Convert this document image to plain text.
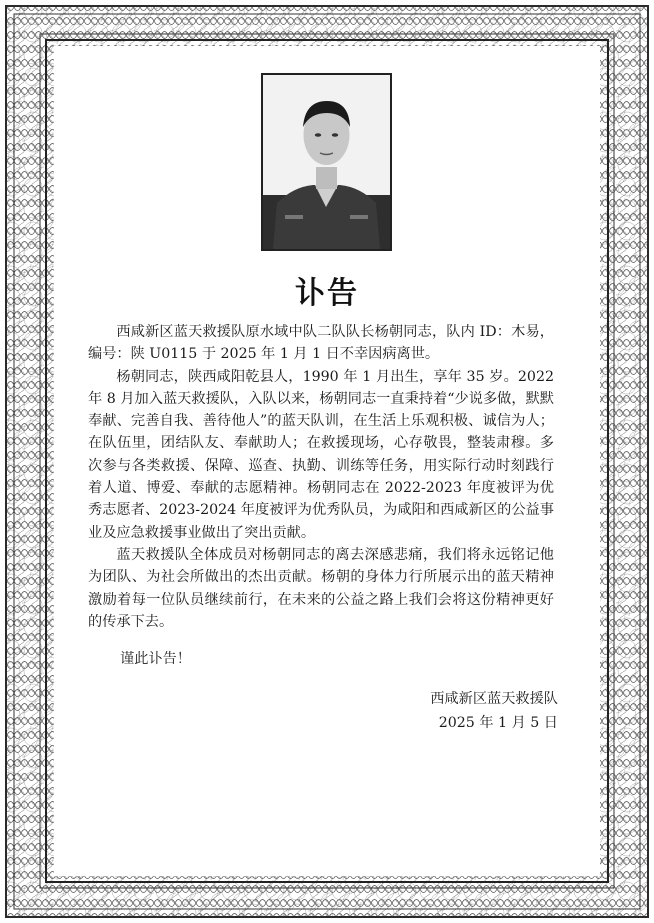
讣告

西咸新区蓝天救援队原水域中队二队队长杨朝同志，队内 ID：木易，编号：陕 U0115 于 2025 年 1 月 1 日不幸因病离世。

杨朝同志，陕西咸阳乾县人，1990 年 1 月出生，享年 35 岁。2022 年 8 月加入蓝天救援队，入队以来，杨朝同志一直秉持着“少说多做，默默奉献、完善自我、善待他人”的蓝天队训，在生活上乐观积极、诚信为人；在队伍里，团结队友、奉献助人；在救援现场，心存敬畏，整装肃穆。多次参与各类救援、保障、巡查、执勤、训练等任务，用实际行动时刻践行着人道、博爱、奉献的志愿精神。杨朝同志在 2022-2023 年度被评为优秀志愿者、2023-2024 年度被评为优秀队员，为咸阳和西咸新区的公益事业及应急救援事业做出了突出贡献。

蓝天救援队全体成员对杨朝同志的离去深感悲痛，我们将永远铭记他为团队、为社会所做出的杰出贡献。杨朝的身体力行所展示出的蓝天精神激励着每一位队员继续前行，在未来的公益之路上我们会将这份精神更好的传承下去。

谨此讣告！
西咸新区蓝天救援队
2025 年 1 月 5 日
